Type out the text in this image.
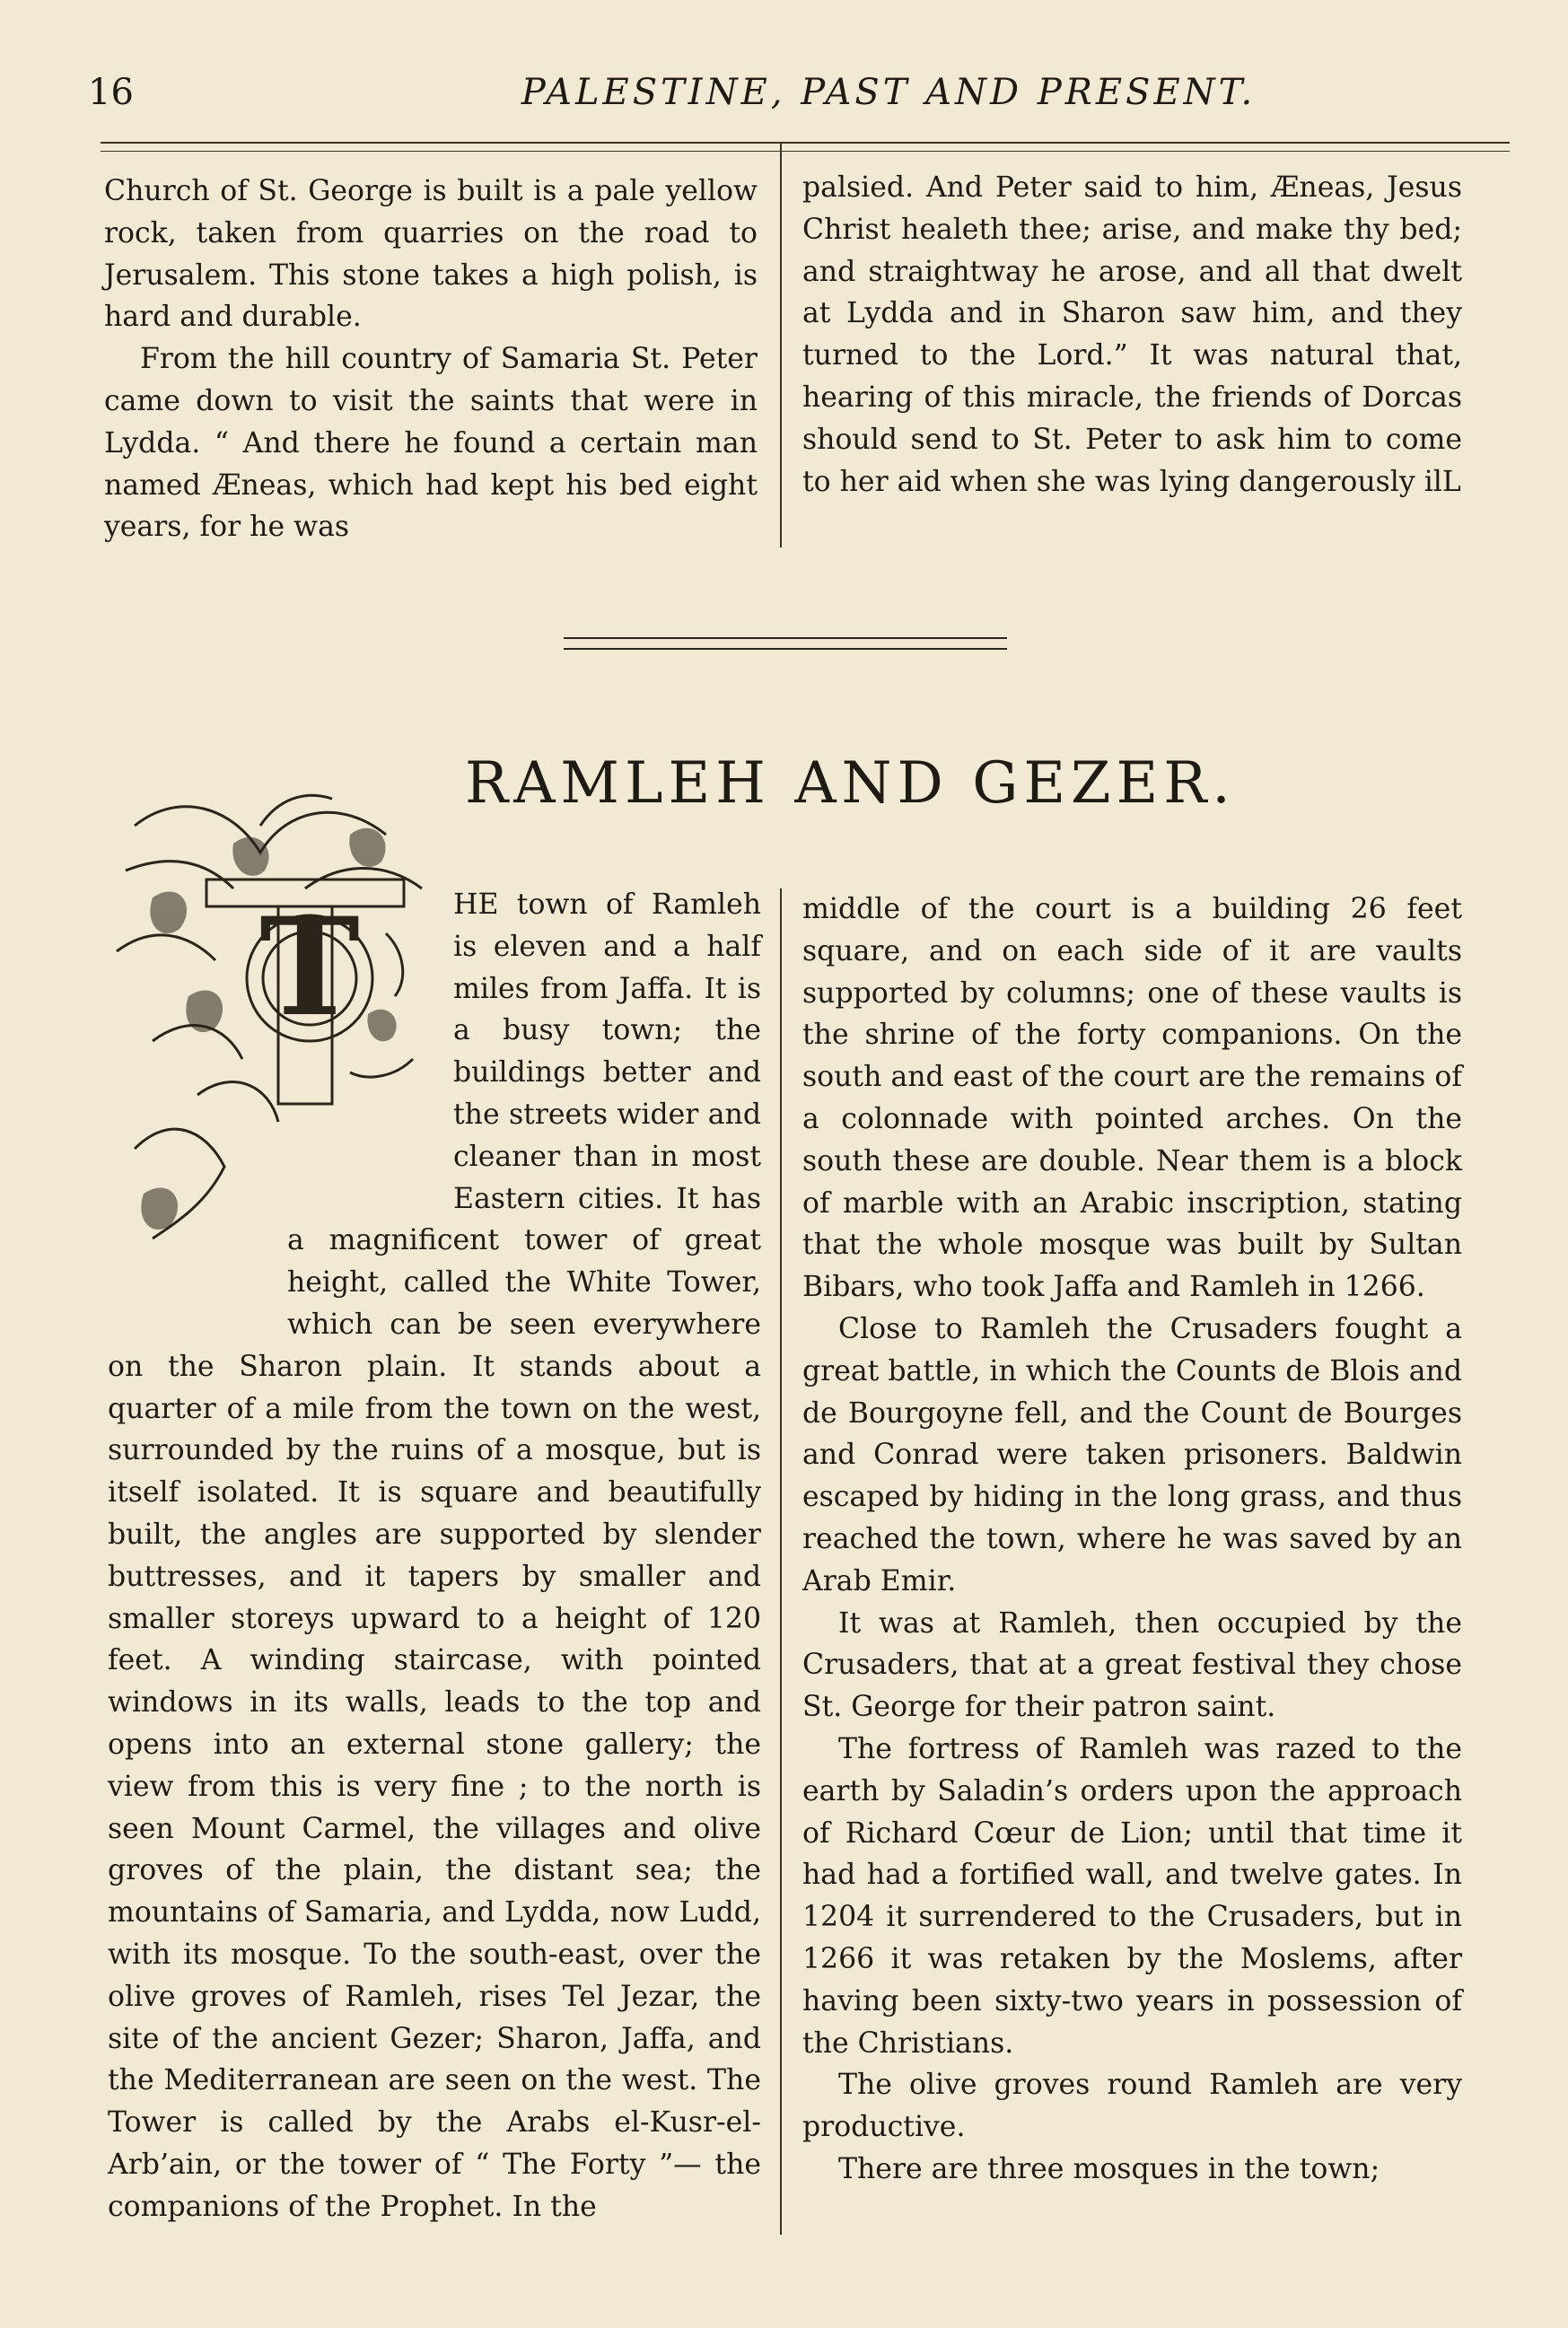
16	PALESTINE, PAST AND PRESENT.

Church of St. George is built is a pale yellow rock, taken from quarries on the road to Jerusalem. This stone takes a high polish, is hard and durable.

From the hill country of Samaria St. Peter came down to visit the saints that were in Lydda. “ And there he found a certain man named Æneas, which had kept his bed eight years, for he was

palsied. And Peter said to him, Æneas, Jesus Christ healeth thee; arise, and make thy bed; and straightway he arose, and all that dwelt at Lydda and in Sharon saw him, and they turned to the Lord.” It was natural that, hearing of this miracle, the friends of Dorcas should send to St. Peter to ask him to come to her aid when she was lying dangerously ilL

RAMLEH AND GEZER.
T	HE town of Ramleh is eleven and a half miles from Jaffa. It is a busy town; the buildings better and the streets wider and cleaner than in most Eastern cities. It has a magnificent tower of great height, called the White Tower, which can be seen everywhere on the Sharon plain. It stands about a quarter of a mile from the town on the west, surrounded by the ruins of a mosque, but is itself isolated. It is square and beautifully built, the angles are supported by slender buttresses, and it tapers by smaller and smaller storeys upward to a height of 120 feet. A winding staircase, with pointed windows in its walls, leads to the top and opens into an external stone gallery; the view from this is very fine ; to the north is seen Mount Carmel, the villages and olive groves of the plain, the distant sea; the mountains of Samaria, and Lydda, now Ludd, with its mosque. To the south-east, over the olive groves of Ramleh, rises Tel Jezar, the site of the ancient Gezer; Sharon, Jaffa, and the Mediterranean are seen on the west. The Tower is called by the Arabs el-Kusr-el-Arb’ain, or the tower of “ The Forty ”— the companions of the Prophet. In the

middle of the court is a building 26 feet square, and on each side of it are vaults supported by columns; one of these vaults is the shrine of the forty companions. On the south and east of the court are the remains of a colonnade with pointed arches. On the south these are double. Near them is a block of marble with an Arabic inscription, stating that the whole mosque was built by Sultan Bibars, who took Jaffa and Ramleh in 1266.

Close to Ramleh the Crusaders fought a great battle, in which the Counts de Blois and de Bourgoyne fell, and the Count de Bourges and Conrad were taken prisoners. Baldwin escaped by hiding in the long grass, and thus reached the town, where he was saved by an Arab Emir.

It was at Ramleh, then occupied by the Crusaders, that at a great festival they chose St. George for their patron saint.

The fortress of Ramleh was razed to the earth by Saladin’s orders upon the approach of Richard Cœur de Lion; until that time it had had a fortified wall, and twelve gates. In 1204 it surrendered to the Crusaders, but in 1266 it was retaken by the Moslems, after having been sixty-two years in possession of the Christians.

The olive groves round Ramleh are very productive.

There are three mosques in the town;
